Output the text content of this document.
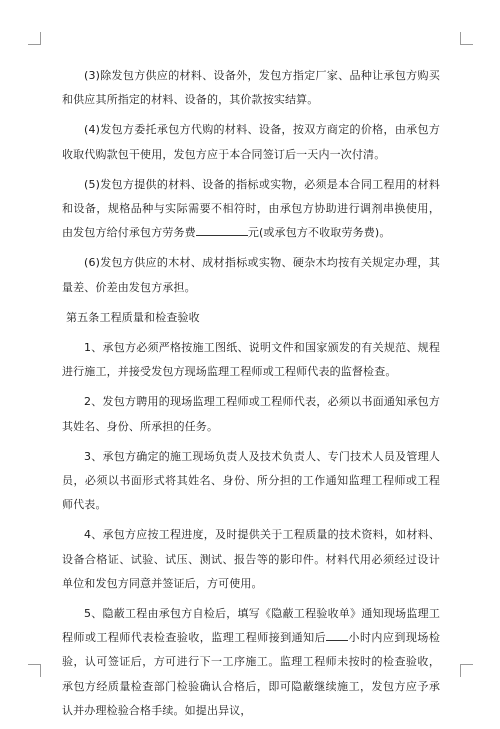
(3)除发包方供应的材料、设备外，发包方指定厂家、品种让承包方购买和供应其所指定的材料、设备的，其价款按实结算。

(4)发包方委托承包方代购的材料、设备，按双方商定的价格，由承包方收取代购款包干使用，发包方应于本合同签订后一天内一次付清。

(5)发包方提供的材料、设备的指标或实物，必须是本合同工程用的材料和设备，规格品种与实际需要不相符时，由承包方协助进行调剂串换使用，由发包方给付承包方劳务费	元(或承包方不收取劳务费)。

(6)发包方供应的木材、成材指标或实物、硬杂木均按有关规定办理，其量差、价差由发包方承担。

第五条工程质量和检查验收

1、承包方必须严格按施工图纸、说明文件和国家颁发的有关规范、规程进行施工，并接受发包方现场监理工程师或工程师代表的监督检查。

2、发包方聘用的现场监理工程师或工程师代表，必须以书面通知承包方其姓名、身份、所承担的任务。

3、承包方确定的施工现场负责人及技术负责人、专门技术人员及管理人员，必须以书面形式将其姓名、身份、所分担的工作通知监理工程师或工程师代表。

4、承包方应按工程进度，及时提供关于工程质量的技术资料，如材料、设备合格证、试验、试压、测试、报告等的影印件。材料代用必须经过设计单位和发包方同意并签证后，方可使用。

5、隐蔽工程由承包方自检后，填写《隐蔽工程验收单》通知现场监理工程师或工程师代表检查验收，监理工程师接到通知后 小时内应到现场检验，认可签证后，方可进行下一工序施工。监理工程师未按时的检查验收，承包方经质量检查部门检验确认合格后，即可隐蔽继续施工，发包方应予承认并办理检验合格手续。如提出异议，
